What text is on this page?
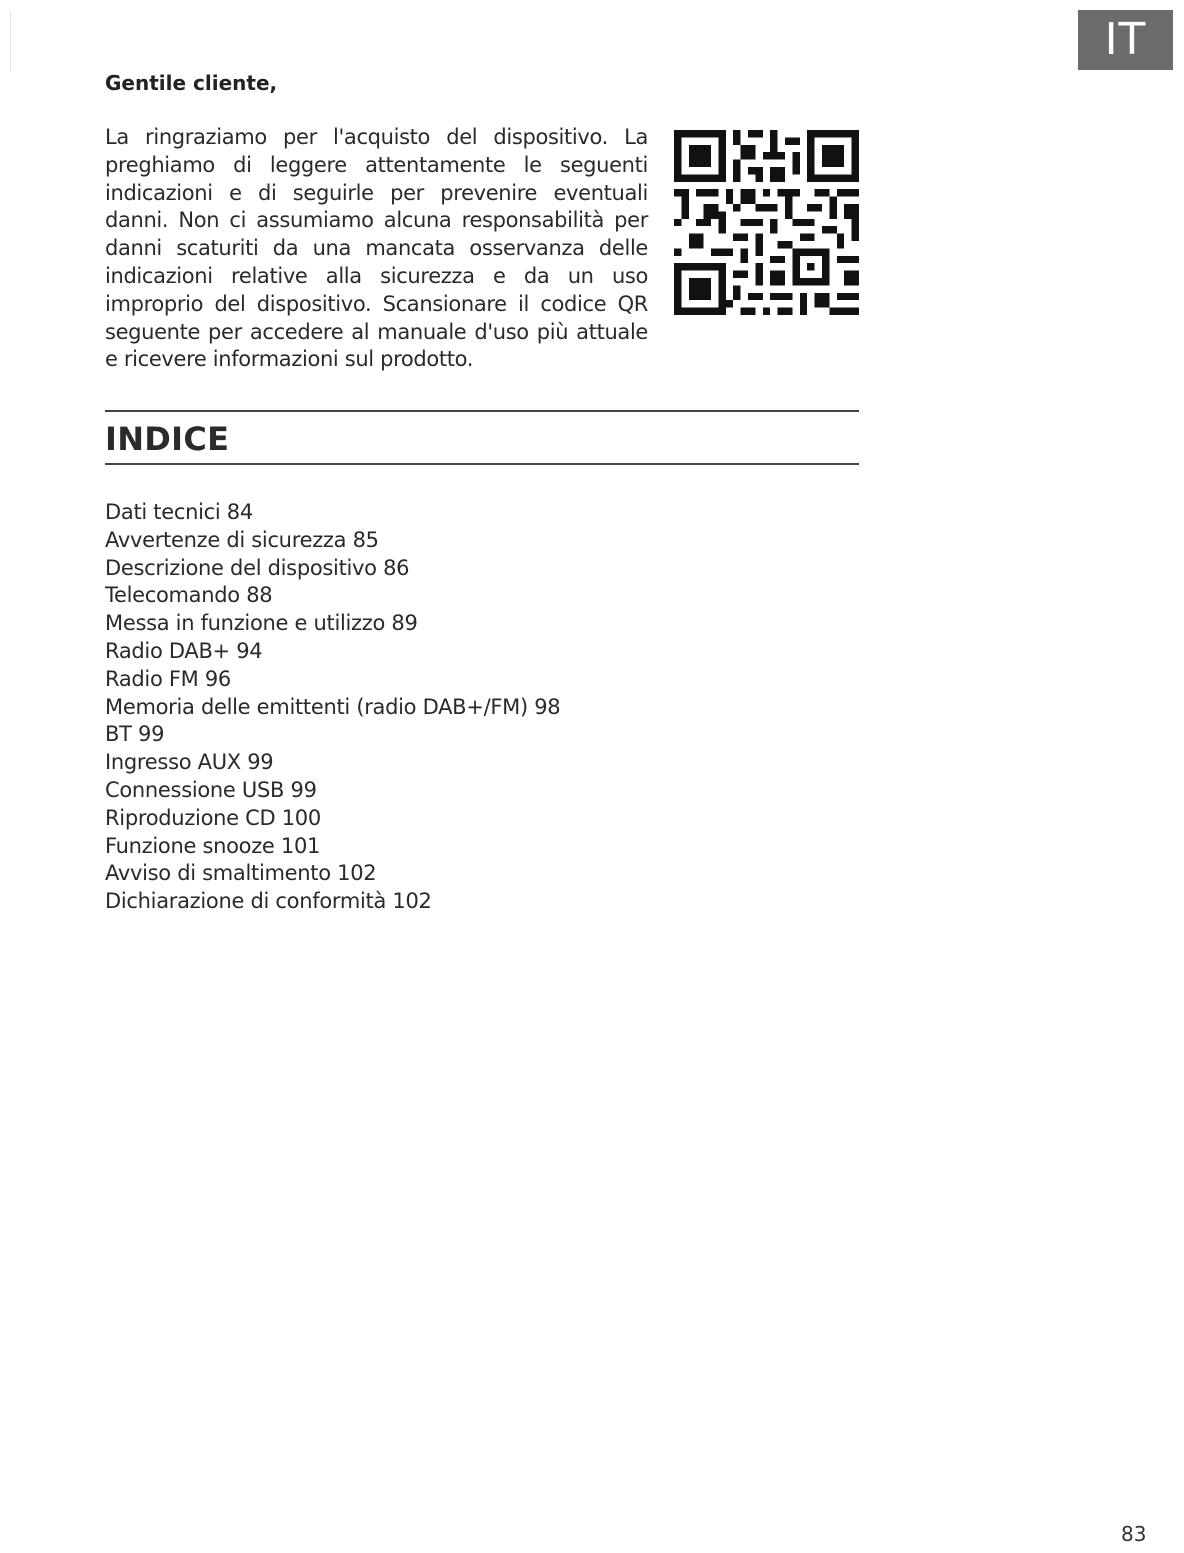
IT

Gentile cliente,

La ringraziamo per l'acquisto del dispositivo. La preghiamo di leggere attentamente le seguenti indicazioni e di seguirle per prevenire eventuali danni. Non ci assumiamo alcuna responsabilità per danni scaturiti da una mancata osservanza delle indicazioni relative alla sicurezza e da un uso improprio del dispositivo. Scansionare il codice QR seguente per accedere al manuale d'uso più attuale e ricevere informazioni sul prodotto.

INDICE
Dati tecnici 84
Avvertenze di sicurezza 85
Descrizione del dispositivo 86
Telecomando 88
Messa in funzione e utilizzo 89
Radio DAB+ 94
Radio FM 96
Memoria delle emittenti (radio DAB+/FM) 98
BT 99
Ingresso AUX 99
Connessione USB 99
Riproduzione CD 100
Funzione snooze 101
Avviso di smaltimento 102
Dichiarazione di conformità 102
83
